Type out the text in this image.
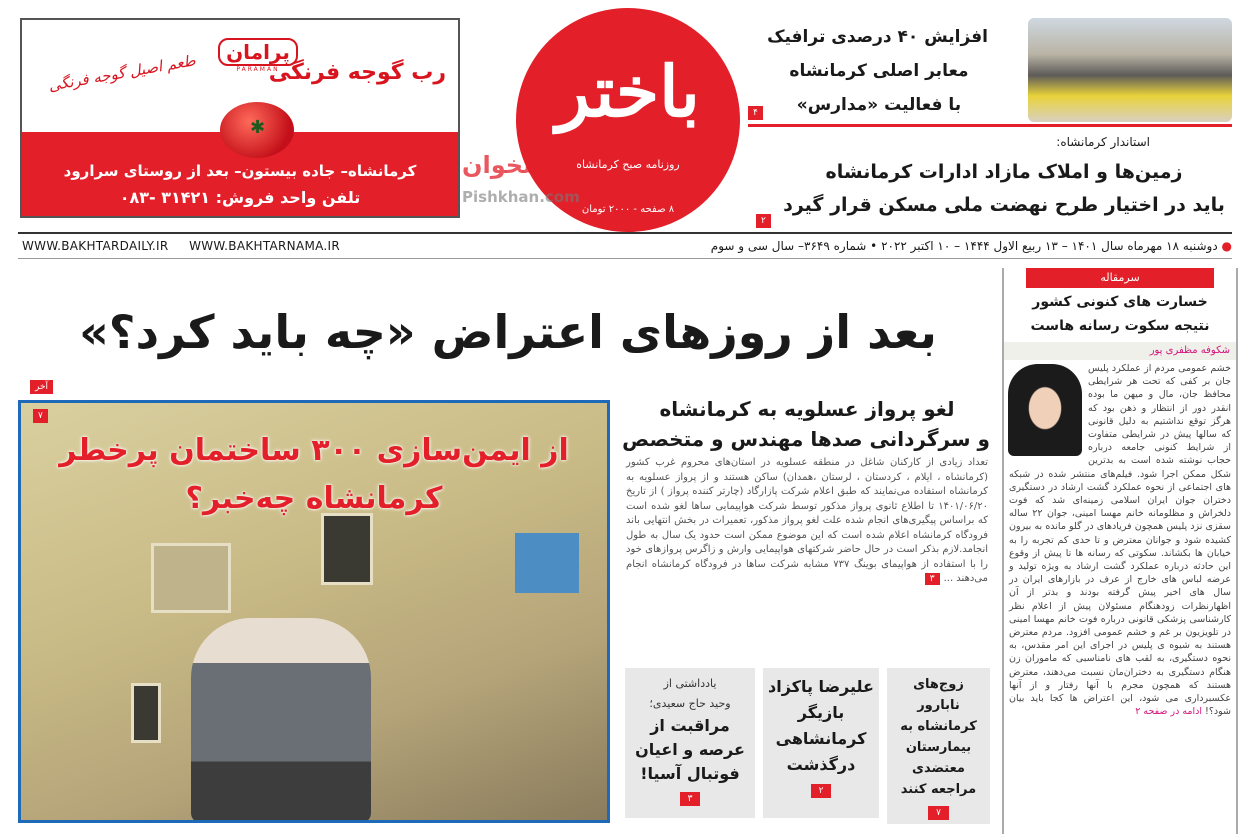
رب گوجه فرنگی
پرامان
PARAMAN
طعم اصیل گوجه فرنگی
✱
کرمانشاه– جاده بیستون– بعد از روستای سرارود
تلفن واحد فروش: ۳۱۴۲۱ -۰۸۳
باختر
روزنامه صبح کرمانشاه
۸ صفحه - ۲۰۰۰ تومان
پیشخوان
Pishkhan.com
افزایش ۴۰ درصدی ترافیک
معابر اصلی کرمانشاه
با فعالیت «مدارس»
۴
استاندار کرمانشاه:
زمین‌ها و املاک مازاد ادارات کرمانشاه
باید در اختیار طرح نهضت ملی مسکن قرار گیرد
۲
● دوشنبه ۱۸ مهرماه سال ۱۴۰۱ – ۱۳ ربیع الاول ۱۴۴۴ – ۱۰ اکتبر ۲۰۲۲ • شماره ۳۶۴۹– سال سی و سوم
WWW.BAKHTARDAILY.IR WWW.BAKHTARNAMA.IR
بعد از روزهای اعتراض «چه باید کرد؟»
آخر
از ایمن‌سازی ۳۰۰ ساختمان پرخطر کرمانشاه چه‌خبر؟
۷	لغو پرواز عسلویه به کرمانشاه
و سرگردانی صدها مهندس و متخصص
تعداد زیادی از کارکنان شاغل در منطقه عسلویه در استان‌های محروم غرب کشور (کرمانشاه ، ایلام ، کردستان ، لرستان ،همدان) ساکن هستند و از پرواز عسلویه به کرمانشاه استفاده می‌نمایند که طبق اعلام شرکت پازارگاد (چارتر کننده پرواز ) از تاریخ ۱۴۰۱/۰۶/۲۰ تا اطلاع ثانوی پرواز مذکور توسط شرکت هواپیمایی ساها لغو شده است که براساس پیگیری‌های انجام شده علت لغو پرواز مذکور، تعمیرات در بخش انتهایی باند فرودگاه کرمانشاه اعلام شده است که این موضوع ممکن است حدود یک سال به طول انجامد.لازم بذکر است در حال حاضر شرکتهای هواپیمایی وارش و زاگرس پروازهای خود را با استفاده از هواپیمای بوینگ ۷۳۷ مشابه شرکت ساها در فرودگاه کرمانشاه انجام می‌دهند ...۳
یادداشتی از
وحید حاج سعیدی؛
مراقبت از عرصه و اعیان فوتبال آسیا!
۳
علیرضا پاکزاد بازیگر کرمانشاهی درگذشت
۲
زوج‌های نابارور کرمانشاه به بیمارستان معتضدی مراجعه کنند
۷
سرمقاله
خسارت های کنونی کشور
نتیجه سکوت رسانه هاست
شکوفه مظفری پور
خشم عمومی مردم از عملکرد پلیس جان بر کفی که تحت هر شرایطی محافظ جان، مال و میهن ما بوده انقدر دور از انتظار و ذهن بود که هرگز توقع نداشتیم به دلیل قانونی که سالها پیش در شرایطی متفاوت از شرایط کنونی جامعه درباره حجاب نوشته شده است به بدترین شکل ممکن اجرا شود. فیلم‌های منتشر شده در شبکه های اجتماعی از نحوه عملکرد گشت ارشاد در دستگیری دختران جوان ایران اسلامی زمینه‌ای شد که فوت دلخراش و مظلومانه خانم مهسا امینی، جوان ۲۲ ساله سقزی نزد پلیس همچون فریادهای در گلو مانده به بیرون کشیده شود و جوانان معترض و تا حدی کم تجربه را به خیابان ها بکشاند. سکوتی که رسانه ها تا پیش از وقوع این حادثه درباره عملکرد گشت ارشاد به ویژه تولید و عرضه لباس های خارج از عرف در بازارهای ایران در سال های اخیر پیش گرفته بودند و بدتر از آن اظهارنظرات زودهنگام مسئولان پیش از اعلام نظر کارشناسی پزشکی قانونی درباره فوت خانم مهسا امینی در تلویزیون بر غم و خشم عمومی افزود. مردم معترض هستند به شیوه ی پلیس در اجرای این امر مقدس، به نحوه دستگیری، به لقب های نامناسبی که ماموران زن هنگام دستگیری به دختران‌مان نسبت می‌دهند، معترض هستند که همچون مجرم با آنها رفتار و از آنها عکسبرداری می شود، این اعتراض ها کجا باید بیان شود؟! ادامه در صفحه ۲
